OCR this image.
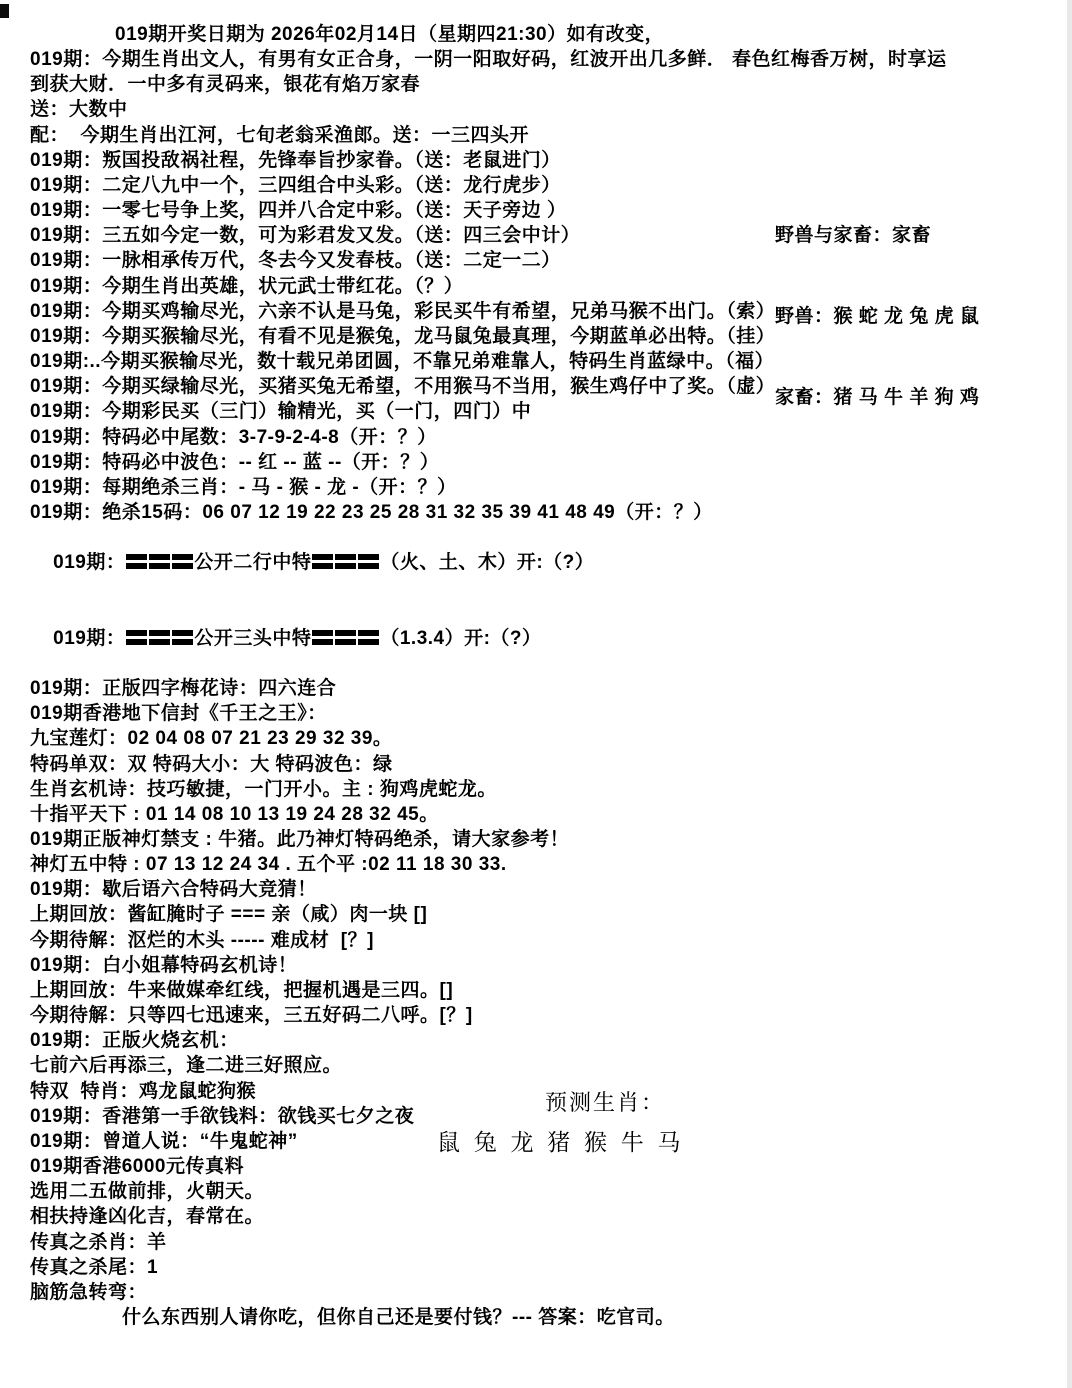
019期开奖日期为 2026年02月14日（星期四21:30）如有改变，
019期：今期生肖出文人，有男有女正合身，一阴一阳取好码，红波开出几多鲜． 春色红梅香万树，时享运
到获大财．一中多有灵码来，银花有焰万家春
送：大数中
配：  今期生肖出江河，七旬老翁采渔郎。送：一三四头开
019期：叛国投敌祸社程，先锋奉旨抄家眷。（送：老鼠进门）
019期：二定八九中一个，三四组合中头彩。（送：龙行虎步）
019期：一零七号争上奖，四并八合定中彩。（送：天子旁边 ）
019期：三五如今定一数，可为彩君发又发。（送：四三会中计）
019期：一脉相承传万代，冬去今又发春枝。（送：二定一二）
019期：今期生肖出英雄，状元武士带红花。（？）
019期：今期买鸡输尽光，六亲不认是马兔，彩民买牛有希望，兄弟马猴不出门。（索）
019期：今期买猴输尽光，有看不见是猴兔，龙马鼠兔最真理，今期蓝单必出特。（挂）
019期:..今期买猴输尽光，数十载兄弟团圆，不靠兄弟难靠人，特码生肖蓝绿中。（福）
019期：今期买绿输尽光，买猪买兔无希望，不用猴马不当用，猴生鸡仔中了奖。（虚）
019期：今期彩民买（三门）输精光，买（一门，四门）中
019期：特码必中尾数：3-7-9-2-4-8（开：？）
019期：特码必中波色：-- 红 -- 蓝 --（开：？）
019期：每期绝杀三肖：- 马 - 猴 - 龙 -（开：？）
019期：绝杀15码：06 07 12 19 22 23 25 28 31 32 35 39 41 48 49（开：？）

019期：	公开二行中特	（火、土、木）开:（?）

019期：	公开三头中特	（1.3.4）开:（?）

019期：正版四字梅花诗：四六连合
019期香港地下信封《千王之王》：
九宝莲灯：02 04 08 07 21 23 29 32 39。
特码单双：双 特码大小：大 特码波色：绿
生肖玄机诗：技巧敏捷，一门开小。主 : 狗鸡虎蛇龙。
十指平天下 : 01 14 08 10 13 19 24 28 32 45。
019期正版神灯禁支 : 牛猪。此乃神灯特码绝杀，请大家参考！
神灯五中特 : 07 13 12 24 34 . 五个平 :02 11 18 30 33.
019期：歇后语六合特码大竞猜！
上期回放：酱缸腌时子 === 亲（咸）肉一块 []
今期待解：沤烂的木头 ----- 难成材  [？]
019期：白小姐幕特码玄机诗！
上期回放：牛来做媒牵红线，把握机遇是三四。[]
今期待解：只等四七迅速来，三五好码二八呼。[？]
019期：正版火烧玄机：
七前六后再添三，逢二进三好照应。
特双  特肖：鸡龙鼠蛇狗猴
019期：香港第一手欲钱料：欲钱买七夕之夜
019期：曾道人说：“牛鬼蛇神”
019期香港6000元传真料
选用二五做前排，火朝天。
相扶持逢凶化吉，春常在。
传真之杀肖：羊
传真之杀尾：1
脑筋急转弯：
什么东西别人请你吃，但你自己还是要付钱？--- 答案：吃官司。

野兽与家畜：家畜

野兽：猴 蛇 龙 兔 虎 鼠

家畜：猪 马 牛 羊 狗 鸡

预测生肖：
鼠 兔 龙 猪 猴 牛 马
